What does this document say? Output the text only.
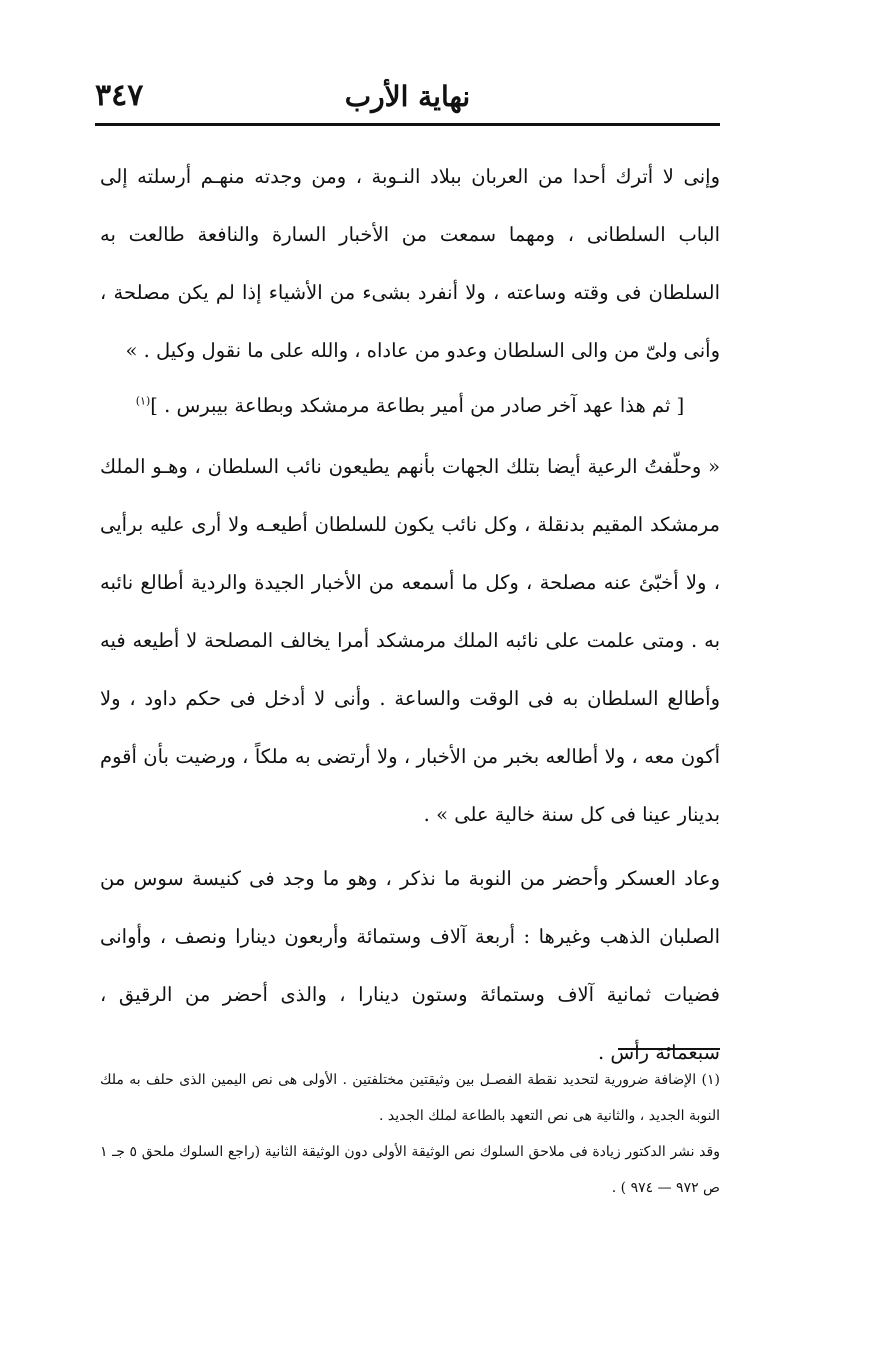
٣٤٧	نهاية الأرب

وإنى لا أترك أحدا من العربان ببلاد النـوبة ، ومن وجدته منهـم أرسلته إلى الباب السلطانى ، ومهما سمعت من الأخبار السارة والنافعة طالعت به السلطان فى وقته وساعته ، ولا أنفرد بشىء من الأشياء إذا لم يكن مصلحة ، وأنى ولىّ من والى السلطان وعدو من عاداه ، والله على ما نقول وكيل . »

[ ثم هذا عهد آخر صادر من أمير بطاعة مرمشكد وبطاعة بيبرس . ]$^{(١)}$

« وحلّفتُ الرعية أيضا بتلك الجهات بأنهم يطيعون نائب السلطان ، وهـو الملك مرمشكد المقيم بدنقلة ، وكل نائب يكون للسلطان أطيعـه ولا أرى عليه برأيى ، ولا أخبّئ عنه مصلحة ، وكل ما أسمعه من الأخبار الجيدة والردية أطالع نائبه به . ومتى علمت على نائبه الملك مرمشكد أمرا يخالف المصلحة لا أطيعه فيه وأطالع السلطان به فى الوقت والساعة . وأنى لا أدخل فى حكم داود ، ولا أكون معه ، ولا أطالعه بخبر من الأخبار ، ولا أرتضى به ملكاً ، ورضيت بأن أقوم بدينار عينا فى كل سنة خالية على » .

وعاد العسكر وأحضر من النوبة ما نذكر ، وهو ما وجد فى كنيسة سوس من الصلبان الذهب وغيرها : أربعة آلاف وستمائة وأربعون دينارا ونصف ، وأوانى فضيات ثمانية آلاف وستمائة وستون دينارا ، والذى أحضر من الرقيق ، سبعمائة رأس .

(١) الإضافة ضرورية لتحديد نقطة الفصـل بين وثيقتين مختلفتين . الأولى هى نص اليمين الذى حلف به ملك النوبة الجديد ، والثانية هى نص التعهد بالطاعة لملك الجديد .

وقد نشر الدكتور زيادة فى ملاحق السلوك نص الوثيقة الأولى دون الوثيقة الثانية (راجع السلوك ملحق ٥ جـ ١ ص ٩٧٢ — ٩٧٤ ) .
